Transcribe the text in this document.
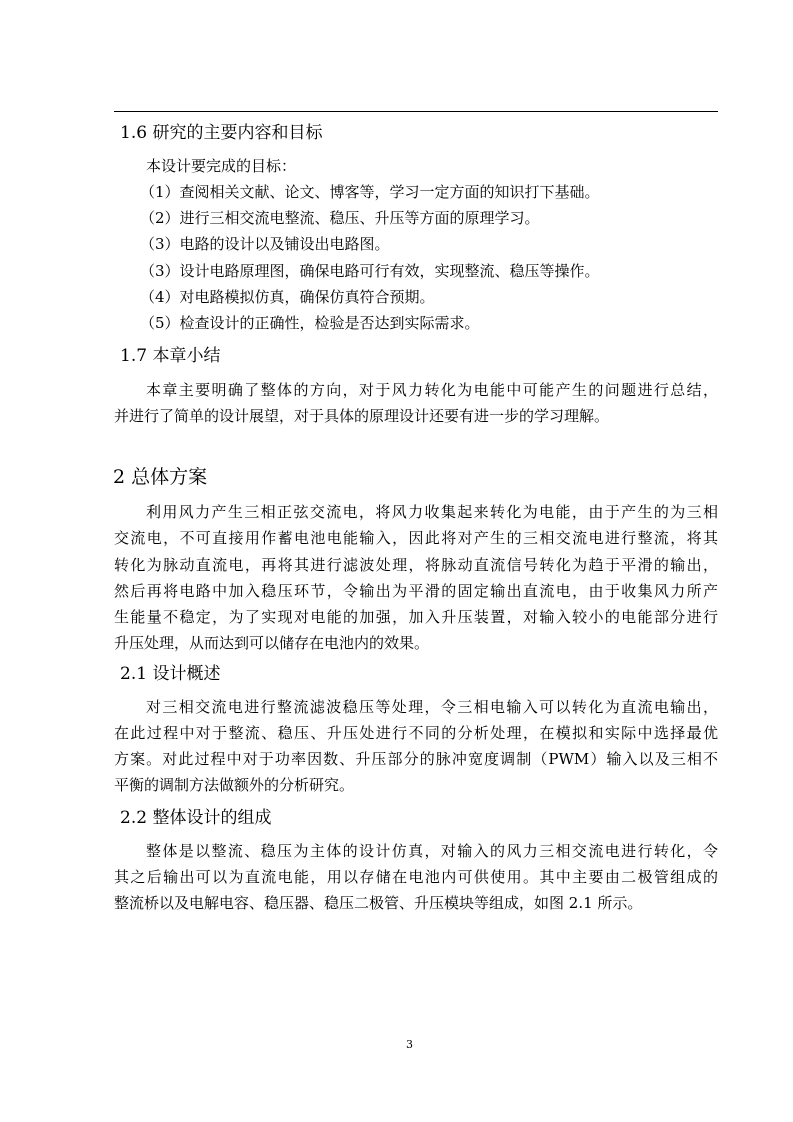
1.6 研究的主要内容和目标
本设计要完成的目标：
（1）查阅相关文献、论文、博客等，学习一定方面的知识打下基础。
（2）进行三相交流电整流、稳压、升压等方面的原理学习。
（3）电路的设计以及铺设出电路图。
（3）设计电路原理图，确保电路可行有效，实现整流、稳压等操作。
（4）对电路模拟仿真，确保仿真符合预期。
（5）检查设计的正确性，检验是否达到实际需求。
1.7 本章小结
本章主要明确了整体的方向，对于风力转化为电能中可能产生的问题进行总结，
并进行了简单的设计展望，对于具体的原理设计还要有进一步的学习理解。
2 总体方案
利用风力产生三相正弦交流电，将风力收集起来转化为电能，由于产生的为三相
交流电，不可直接用作蓄电池电能输入，因此将对产生的三相交流电进行整流，将其
转化为脉动直流电，再将其进行滤波处理，将脉动直流信号转化为趋于平滑的输出，
然后再将电路中加入稳压环节，令输出为平滑的固定输出直流电，由于收集风力所产
生能量不稳定，为了实现对电能的加强，加入升压装置，对输入较小的电能部分进行
升压处理，从而达到可以储存在电池内的效果。
2.1 设计概述
对三相交流电进行整流滤波稳压等处理，令三相电输入可以转化为直流电输出，
在此过程中对于整流、稳压、升压处进行不同的分析处理，在模拟和实际中选择最优
方案。对此过程中对于功率因数、升压部分的脉冲宽度调制（PWM）输入以及三相不
平衡的调制方法做额外的分析研究。
2.2 整体设计的组成
整体是以整流、稳压为主体的设计仿真，对输入的风力三相交流电进行转化，令
其之后输出可以为直流电能，用以存储在电池内可供使用。其中主要由二极管组成的
整流桥以及电解电容、稳压器、稳压二极管、升压模块等组成，如图 2.1 所示。
3
